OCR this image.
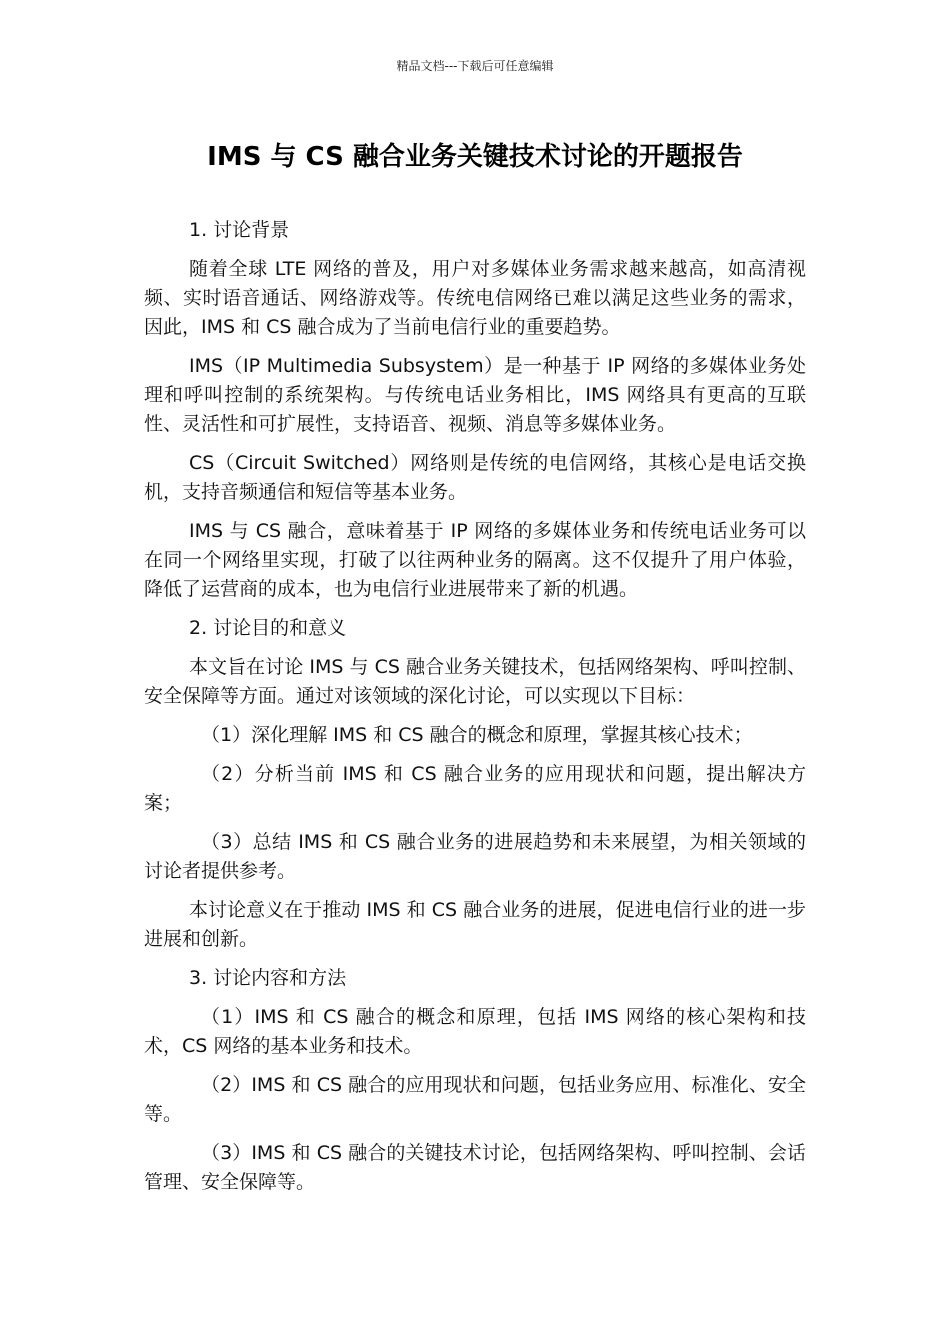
精品文档---下载后可任意编辑
IMS 与 CS 融合业务关键技术讨论的开题报告

1. 讨论背景

随着全球 LTE 网络的普及，用户对多媒体业务需求越来越高，如高清视频、实时语音通话、网络游戏等。传统电信网络已难以满足这些业务的需求，因此，IMS 和 CS 融合成为了当前电信行业的重要趋势。

IMS（IP Multimedia Subsystem）是一种基于 IP 网络的多媒体业务处理和呼叫控制的系统架构。与传统电话业务相比，IMS 网络具有更高的互联性、灵活性和可扩展性，支持语音、视频、消息等多媒体业务。

CS（Circuit Switched）网络则是传统的电信网络，其核心是电话交换机，支持音频通信和短信等基本业务。

IMS 与 CS 融合，意味着基于 IP 网络的多媒体业务和传统电话业务可以在同一个网络里实现，打破了以往两种业务的隔离。这不仅提升了用户体验，降低了运营商的成本，也为电信行业进展带来了新的机遇。

2. 讨论目的和意义

本文旨在讨论 IMS 与 CS 融合业务关键技术，包括网络架构、呼叫控制、安全保障等方面。通过对该领域的深化讨论，可以实现以下目标：

（1）深化理解 IMS 和 CS 融合的概念和原理，掌握其核心技术；

（2）分析当前 IMS 和 CS 融合业务的应用现状和问题，提出解决方案；

（3）总结 IMS 和 CS 融合业务的进展趋势和未来展望，为相关领域的讨论者提供参考。

本讨论意义在于推动 IMS 和 CS 融合业务的进展，促进电信行业的进一步进展和创新。

3. 讨论内容和方法

（1）IMS 和 CS 融合的概念和原理，包括 IMS 网络的核心架构和技术，CS 网络的基本业务和技术。

（2）IMS 和 CS 融合的应用现状和问题，包括业务应用、标准化、安全等。

（3）IMS 和 CS 融合的关键技术讨论，包括网络架构、呼叫控制、会话管理、安全保障等。
